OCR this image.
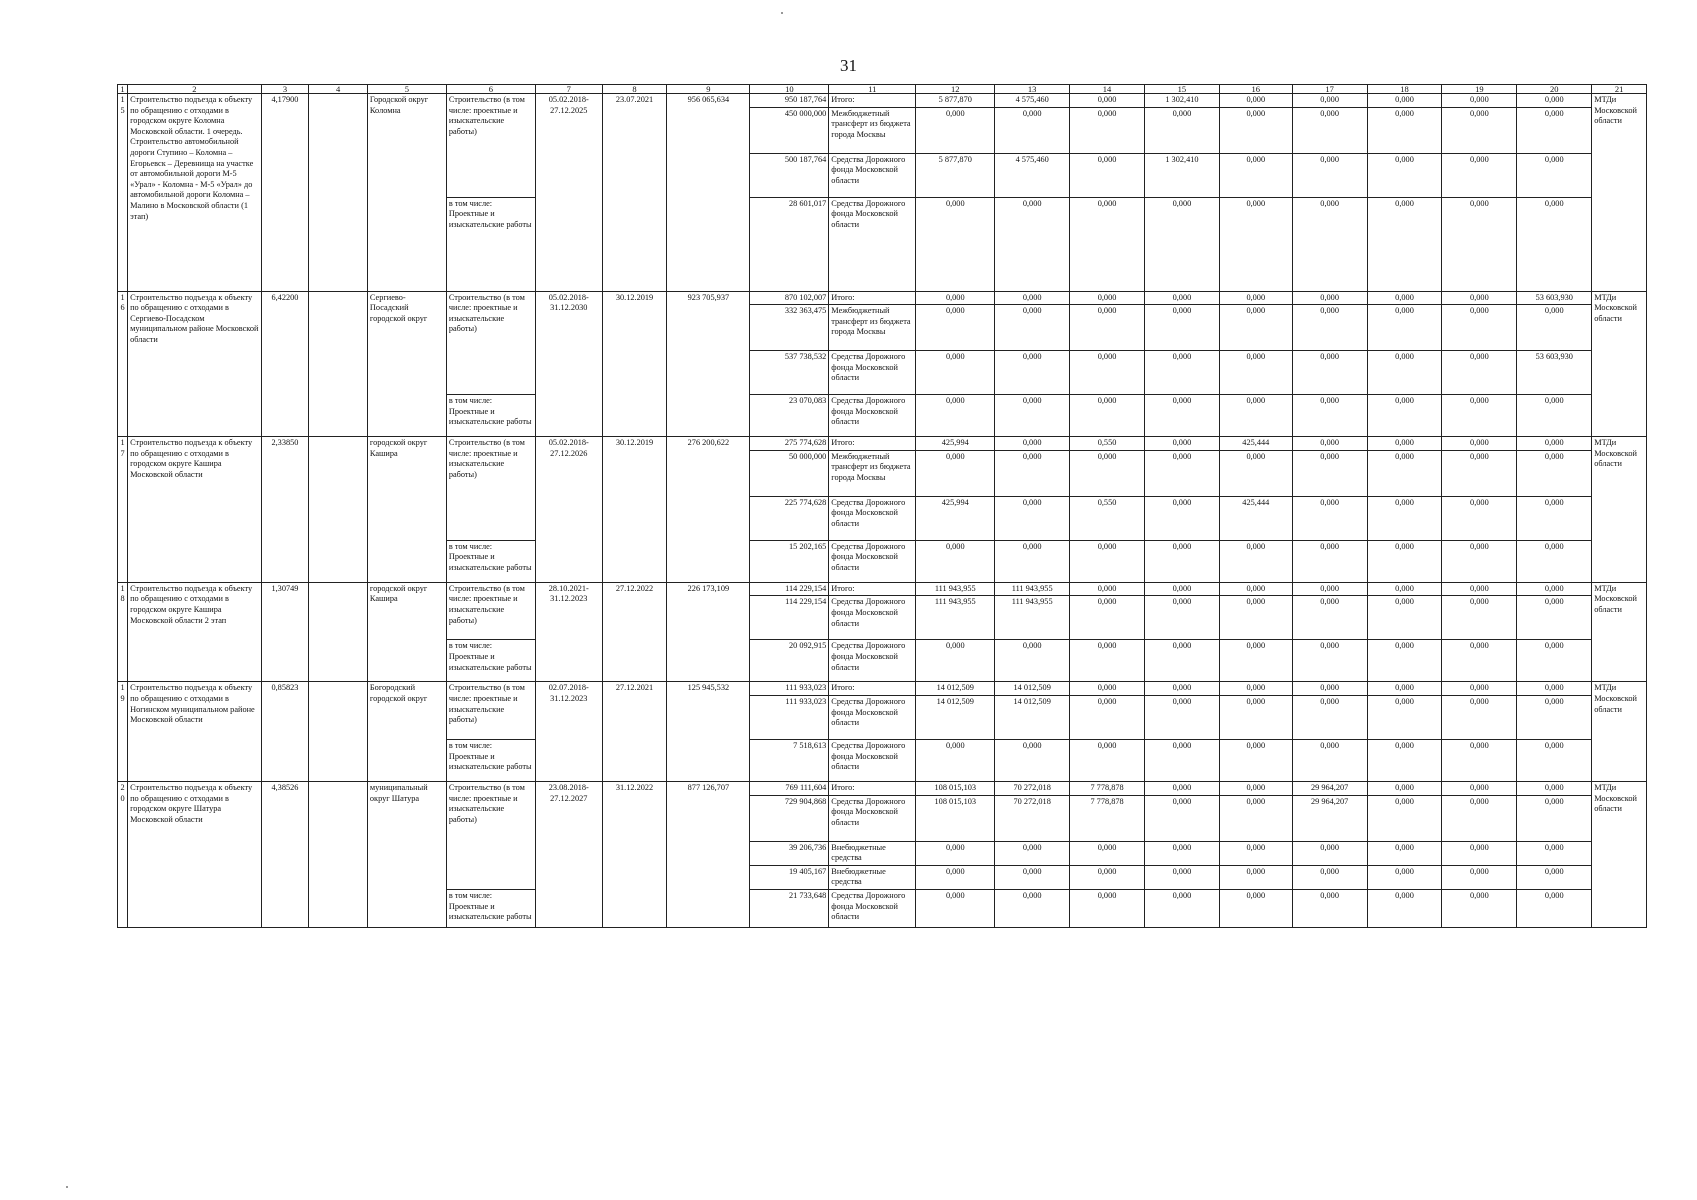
31
1	2	3	4	5	6	7	8	9	10	11	12	13	14	15	16	17	18	19	20	21
15	Строительство подъезда к объекту по обращению с отходами в городском округе Коломна Московской области. 1 очередь. Строительство автомобильной дороги Ступино – Коломна – Егорьевск – Деревнища на участке от автомобильной дороги М-5 «Урал» - Коломна - М-5 «Урал» до автомобильной дороги Коломна – Малино в Московской области (1 этап)	4,17900		Городской округ Коломна	Строительство (в том числе: проектные и изыскательские работы)	05.02.2018-27.12.2025	23.07.2021	956 065,634	950 187,764	Итого:	5 877,870	4 575,460	0,000	1 302,410	0,000	0,000	0,000	0,000	0,000	МТДи Московской области
									450 000,000	Межбюджетный трансферт из бюджета города Москвы	0,000	0,000	0,000	0,000	0,000	0,000	0,000	0,000	0,000	
									500 187,764	Средства Дорожного фонда Московской области	5 877,870	4 575,460	0,000	1 302,410	0,000	0,000	0,000	0,000	0,000	
					в том числе: Проектные и изыскательские работы				28 601,017	Средства Дорожного фонда Московской области	0,000	0,000	0,000	0,000	0,000	0,000	0,000	0,000	0,000	
16	Строительство подъезда к объекту по обращению с отходами в Сергиево-Посадском муниципальном районе Московской области	6,42200		Сергиево-Посадский городской округ	Строительство (в том числе: проектные и изыскательские работы)	05.02.2018-31.12.2030	30.12.2019	923 705,937	870 102,007	Итого:	0,000	0,000	0,000	0,000	0,000	0,000	0,000	0,000	53 603,930	МТДи Московской области
									332 363,475	Межбюджетный трансферт из бюджета города Москвы	0,000	0,000	0,000	0,000	0,000	0,000	0,000	0,000	0,000	
									537 738,532	Средства Дорожного фонда Московской области	0,000	0,000	0,000	0,000	0,000	0,000	0,000	0,000	53 603,930	
					в том числе: Проектные и изыскательские работы				23 070,083	Средства Дорожного фонда Московской области	0,000	0,000	0,000	0,000	0,000	0,000	0,000	0,000	0,000	
17	Строительство подъезда к объекту по обращению с отходами в городском округе Кашира Московской области	2,33850		городской округ Кашира	Строительство (в том числе: проектные и изыскательские работы)	05.02.2018-27.12.2026	30.12.2019	276 200,622	275 774,628	Итого:	425,994	0,000	0,550	0,000	425,444	0,000	0,000	0,000	0,000	МТДи Московской области
									50 000,000	Межбюджетный трансферт из бюджета города Москвы	0,000	0,000	0,000	0,000	0,000	0,000	0,000	0,000	0,000	
									225 774,628	Средства Дорожного фонда Московской области	425,994	0,000	0,550	0,000	425,444	0,000	0,000	0,000	0,000	
					в том числе: Проектные и изыскательские работы				15 202,165	Средства Дорожного фонда Московской области	0,000	0,000	0,000	0,000	0,000	0,000	0,000	0,000	0,000	
18	Строительство подъезда к объекту по обращению с отходами в городском округе Кашира Московской области 2 этап	1,30749		городской округ Кашира	Строительство (в том числе: проектные и изыскательские работы)	28.10.2021-31.12.2023	27.12.2022	226 173,109	114 229,154	Итого:	111 943,955	111 943,955	0,000	0,000	0,000	0,000	0,000	0,000	0,000	МТДи Московской области
									114 229,154	Средства Дорожного фонда Московской области	111 943,955	111 943,955	0,000	0,000	0,000	0,000	0,000	0,000	0,000	
					в том числе: Проектные и изыскательские работы				20 092,915	Средства Дорожного фонда Московской области	0,000	0,000	0,000	0,000	0,000	0,000	0,000	0,000	0,000	
19	Строительство подъезда к объекту по обращению с отходами в Ногинском муниципальном районе Московской области	0,85823		Богородский городской округ	Строительство (в том числе: проектные и изыскательские работы)	02.07.2018-31.12.2023	27.12.2021	125 945,532	111 933,023	Итого:	14 012,509	14 012,509	0,000	0,000	0,000	0,000	0,000	0,000	0,000	МТДи Московской области
									111 933,023	Средства Дорожного фонда Московской области	14 012,509	14 012,509	0,000	0,000	0,000	0,000	0,000	0,000	0,000	
					в том числе: Проектные и изыскательские работы				7 518,613	Средства Дорожного фонда Московской области	0,000	0,000	0,000	0,000	0,000	0,000	0,000	0,000	0,000	
20	Строительство подъезда к объекту по обращению с отходами в городском округе Шатура Московской области	4,38526		муниципальный округ Шатура	Строительство (в том числе: проектные и изыскательские работы)	23.08.2018-27.12.2027	31.12.2022	877 126,707	769 111,604	Итого:	108 015,103	70 272,018	7 778,878	0,000	0,000	29 964,207	0,000	0,000	0,000	МТДи Московской области
									729 904,868	Средства Дорожного фонда Московской области	108 015,103	70 272,018	7 778,878	0,000	0,000	29 964,207	0,000	0,000	0,000	
									39 206,736	Внебюджетные средства	0,000	0,000	0,000	0,000	0,000	0,000	0,000	0,000	0,000	
									19 405,167	Внебюджетные средства	0,000	0,000	0,000	0,000	0,000	0,000	0,000	0,000	0,000	
					в том числе: Проектные и изыскательские работы				21 733,648	Средства Дорожного фонда Московской области	0,000	0,000	0,000	0,000	0,000	0,000	0,000	0,000	0,000	
